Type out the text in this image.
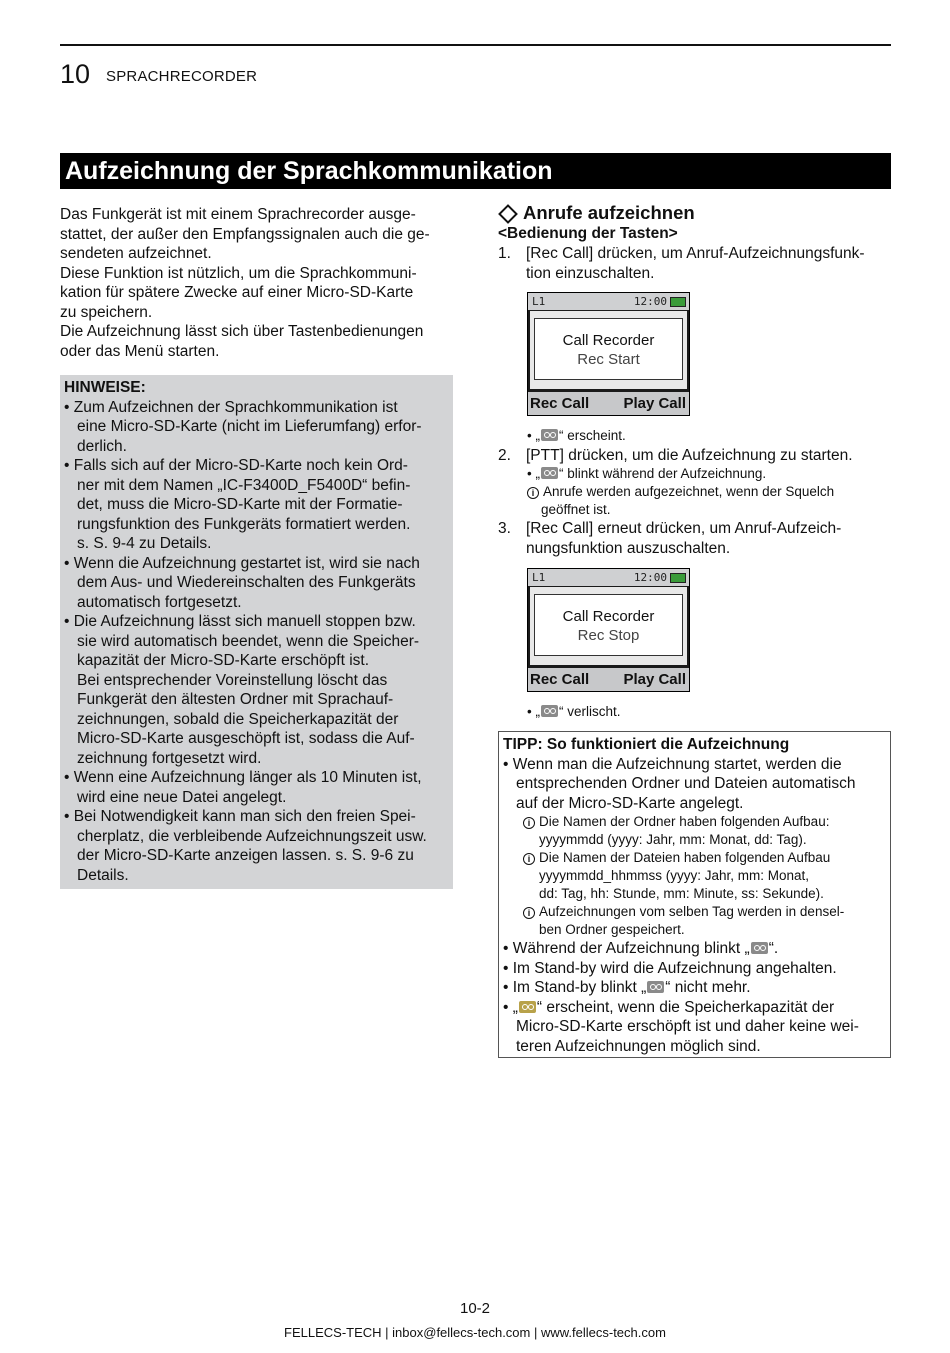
10 SPRACHRECORDER
Aufzeichnung der Sprachkommunikation
Das Funkgerät ist mit einem Sprachrecorder ausge-
stattet, der außer den Empfangssignalen auch die ge-
sendeten aufzeichnet.
Diese Funktion ist nützlich, um die Sprachkommuni-
kation für spätere Zwecke auf einer Micro-SD-Karte
zu speichern.
Die Aufzeichnung lässt sich über Tastenbedienungen
oder das Menü starten.
HINWEISE:
• Zum Aufzeichnen der Sprachkommunikation ist
eine Micro-SD-Karte (nicht im Lieferumfang) erfor-
derlich.
• Falls sich auf der Micro-SD-Karte noch kein Ord-
ner mit dem Namen „IC-F3400D_F5400D“ befin-
det, muss die Micro-SD-Karte mit der Formatie-
rungsfunktion des Funkgeräts formatiert werden.
s. S. 9-4 zu Details.
• Wenn die Aufzeichnung gestartet ist, wird sie nach
dem Aus- und Wiedereinschalten des Funkgeräts
automatisch fortgesetzt.
• Die Aufzeichnung lässt sich manuell stoppen bzw.
sie wird automatisch beendet, wenn die Speicher-
kapazität der Micro-SD-Karte erschöpft ist.
Bei entsprechender Voreinstellung löscht das
Funkgerät den ältesten Ordner mit Sprachauf-
zeichnungen, sobald die Speicherkapazität der
Micro-SD-Karte ausgeschöpft ist, sodass die Auf-
zeichnung fortgesetzt wird.
• Wenn eine Aufzeichnung länger als 10 Minuten ist,
wird eine neue Datei angelegt.
• Bei Notwendigkeit kann man sich den freien Spei-
cherplatz, die verbleibende Aufzeichnungszeit usw.
der Micro-SD-Karte anzeigen lassen. s. S. 9-6 zu
Details.
Anrufe aufzeichnen
<Bedienung der Tasten>
1. [Rec Call] drücken, um Anruf-Aufzeichnungsfunk-
tion einzuschalten.
L1	12:00
Call Recorder
Rec Start
Rec Call Play Call
• „ “ erscheint.
2. [PTT] drücken, um die Aufzeichnung zu starten.
• „ “ blinkt während der Aufzeichnung.
i Anrufe werden aufgezeichnet, wenn der Squelch
geöffnet ist.
3. [Rec Call] erneut drücken, um Anruf-Aufzeich-
nungsfunktion auszuschalten.
L1	12:00
Call Recorder
Rec Stop
Rec Call Play Call
• „ “ verlischt.
TIPP: So funktioniert die Aufzeichnung
• Wenn man die Aufzeichnung startet, werden die
entsprechenden Ordner und Dateien automatisch
auf der Micro-SD-Karte angelegt.
i Die Namen der Ordner haben folgenden Aufbau:
yyyymmdd (yyyy: Jahr, mm: Monat, dd: Tag).
i Die Namen der Dateien haben folgenden Aufbau
yyyymmdd_hhmmss (yyyy: Jahr, mm: Monat,
dd: Tag, hh: Stunde, mm: Minute, ss: Sekunde).
i Aufzeichnungen vom selben Tag werden in densel-
ben Ordner gespeichert.
• Während der Aufzeichnung blinkt „ “.
• Im Stand-by wird die Aufzeichnung angehalten.
• Im Stand-by blinkt „ “ nicht mehr.
• „ “ erscheint, wenn die Speicherkapazität der
Micro-SD-Karte erschöpft ist und daher keine wei-
teren Aufzeichnungen möglich sind.
10-2
FELLECS-TECH | inbox@fellecs-tech.com | www.fellecs-tech.com
